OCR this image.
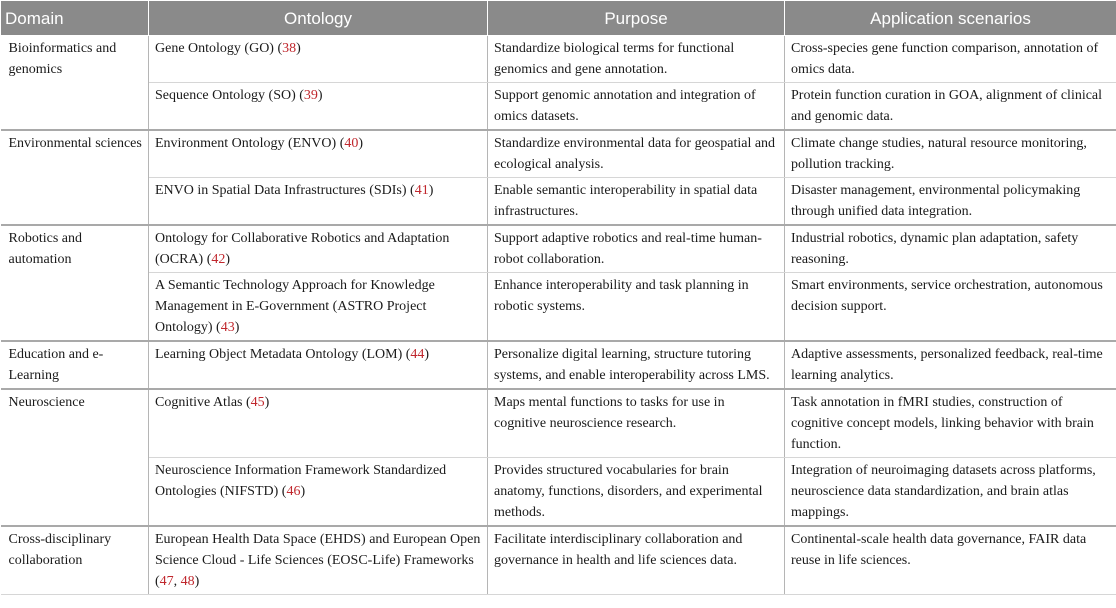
Domain	Ontology	Purpose	Application scenarios
Bioinformatics and genomics	Gene Ontology (GO) (38)	Standardize biological terms for functional genomics and gene annotation.	Cross-species gene function comparison, annotation of omics data.
	Sequence Ontology (SO) (39)	Support genomic annotation and integration of omics datasets.	Protein function curation in GOA, alignment of clinical and genomic data.
Environmental sciences	Environment Ontology (ENVO) (40)	Standardize environmental data for geospatial and ecological analysis.	Climate change studies, natural resource monitoring, pollution tracking.
	ENVO in Spatial Data Infrastructures (SDIs) (41)	Enable semantic interoperability in spatial data infrastructures.	Disaster management, environmental policymaking through unified data integration.
Robotics and automation	Ontology for Collaborative Robotics and Adaptation (OCRA) (42)	Support adaptive robotics and real-time human-robot collaboration.	Industrial robotics, dynamic plan adaptation, safety reasoning.
	A Semantic Technology Approach for Knowledge Management in E-Government (ASTRO Project Ontology) (43)	Enhance interoperability and task planning in robotic systems.	Smart environments, service orchestration, autonomous decision support.
Education and e-Learning	Learning Object Metadata Ontology (LOM) (44)	Personalize digital learning, structure tutoring systems, and enable interoperability across LMS.	Adaptive assessments, personalized feedback, real-time learning analytics.
Neuroscience	Cognitive Atlas (45)	Maps mental functions to tasks for use in cognitive neuroscience research.	Task annotation in fMRI studies, construction of cognitive concept models, linking behavior with brain function.
	Neuroscience Information Framework Standardized Ontologies (NIFSTD) (46)	Provides structured vocabularies for brain anatomy, functions, disorders, and experimental methods.	Integration of neuroimaging datasets across platforms, neuroscience data standardization, and brain atlas mappings.
Cross-disciplinary collaboration	European Health Data Space (EHDS) and European Open Science Cloud - Life Sciences (EOSC-Life) Frameworks (47, 48)	Facilitate interdisciplinary collaboration and governance in health and life sciences data.	Continental-scale health data governance, FAIR data reuse in life sciences.
